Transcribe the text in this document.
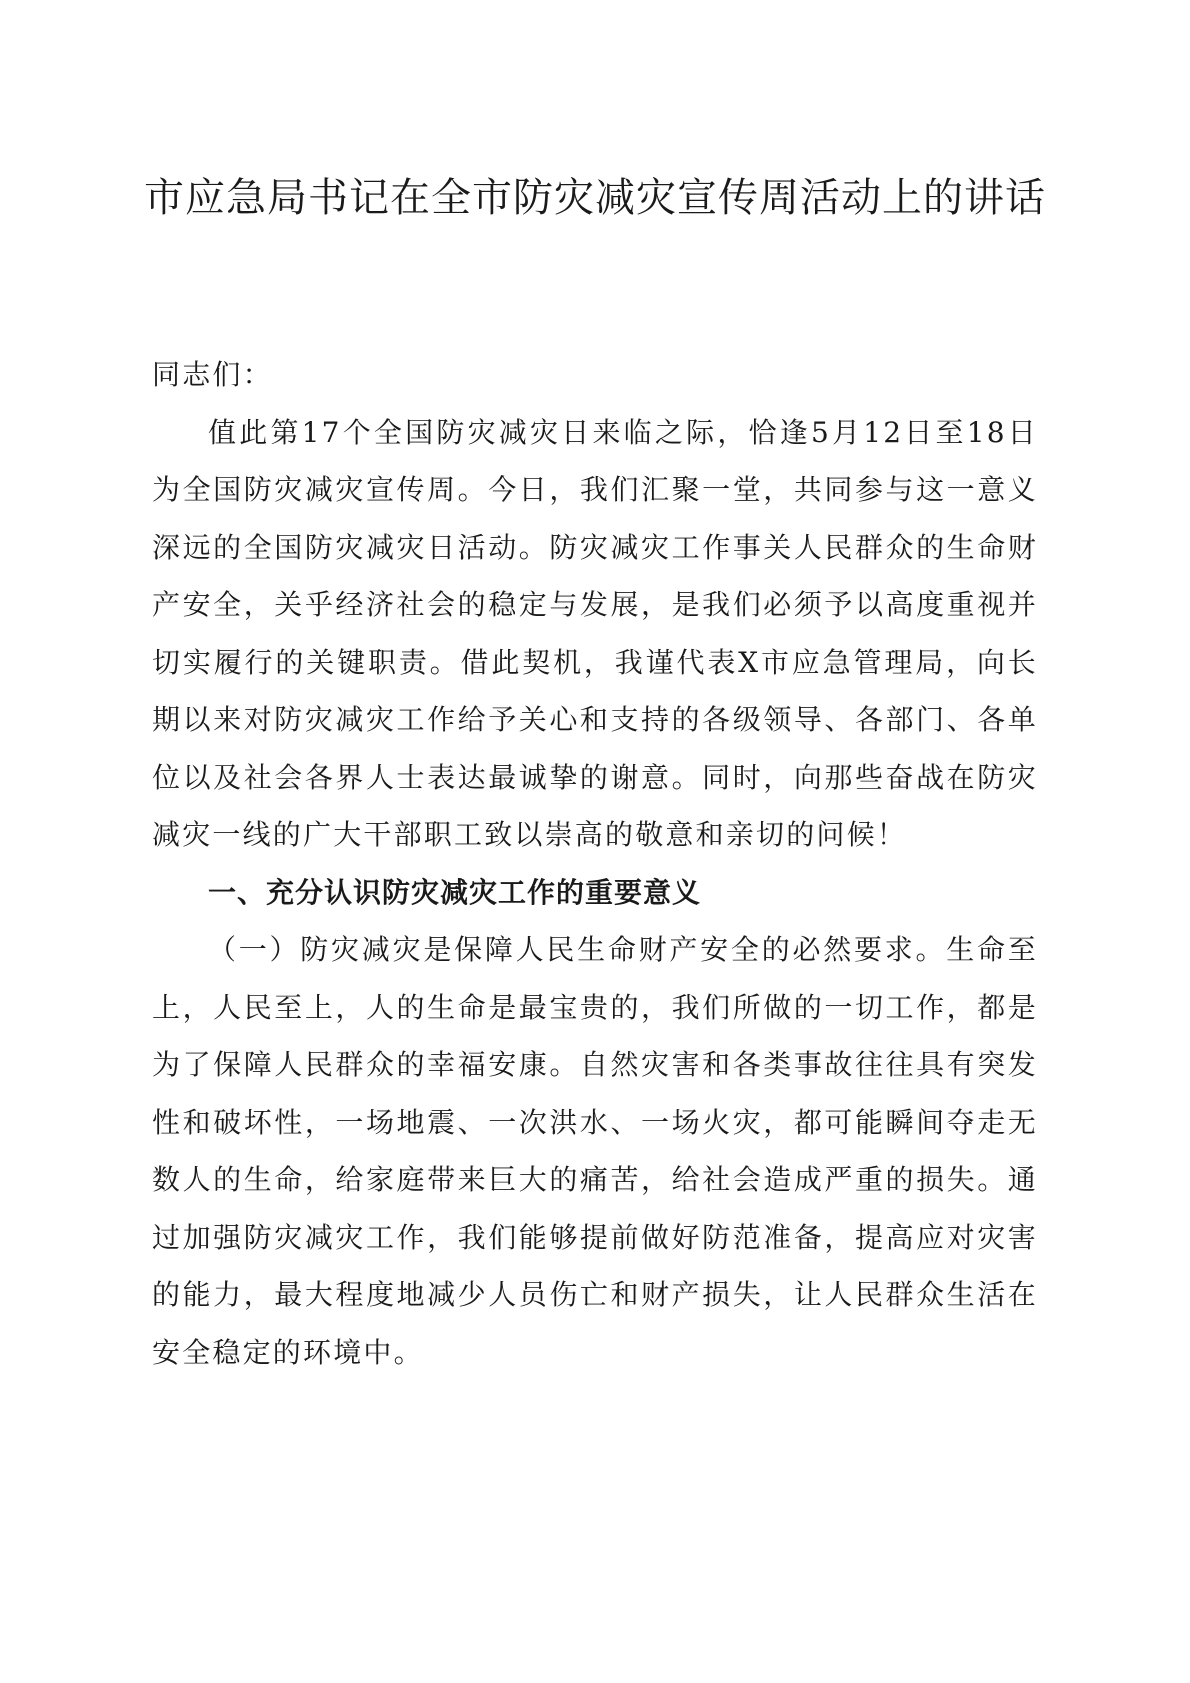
市应急局书记在全市防灾减灾宣传周活动上的讲话

同志们：

值此第17个全国防灾减灾日来临之际，恰逢5月12日至18日为全国防灾减灾宣传周。今日，我们汇聚一堂，共同参与这一意义深远的全国防灾减灾日活动。防灾减灾工作事关人民群众的生命财产安全，关乎经济社会的稳定与发展，是我们必须予以高度重视并切实履行的关键职责。借此契机，我谨代表X市应急管理局，向长期以来对防灾减灾工作给予关心和支持的各级领导、各部门、各单位以及社会各界人士表达最诚挚的谢意。同时，向那些奋战在防灾减灾一线的广大干部职工致以崇高的敬意和亲切的问候！

一、充分认识防灾减灾工作的重要意义

（一）防灾减灾是保障人民生命财产安全的必然要求。生命至上，人民至上，人的生命是最宝贵的，我们所做的一切工作，都是为了保障人民群众的幸福安康。自然灾害和各类事故往往具有突发性和破坏性，一场地震、一次洪水、一场火灾，都可能瞬间夺走无数人的生命，给家庭带来巨大的痛苦，给社会造成严重的损失。通过加强防灾减灾工作，我们能够提前做好防范准备，提高应对灾害的能力，最大程度地减少人员伤亡和财产损失，让人民群众生活在安全稳定的环境中。
